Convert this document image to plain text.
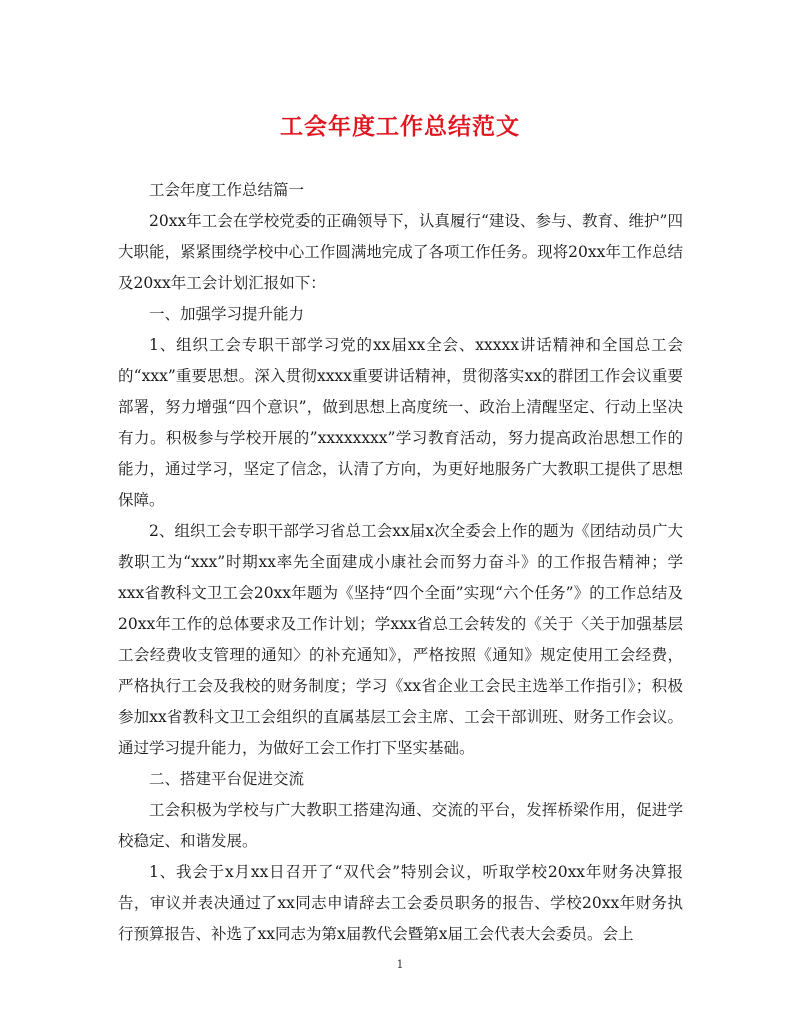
工会年度工作总结范文

工会年度工作总结篇一

20xx年工会在学校党委的正确领导下，认真履行“建设、参与、教育、维护”四大职能，紧紧围绕学校中心工作圆满地完成了各项工作任务。现将20xx年工作总结及20xx年工会计划汇报如下：

一、加强学习提升能力

1、组织工会专职干部学习党的xx届xx全会、xxxxx讲话精神和全国总工会的“xxx”重要思想。深入贯彻xxxx重要讲话精神，贯彻落实xx的群团工作会议重要部署，努力增强“四个意识”，做到思想上高度统一、政治上清醒坚定、行动上坚决有力。积极参与学校开展的”xxxxxxxx”学习教育活动，努力提高政治思想工作的能力，通过学习，坚定了信念，认清了方向，为更好地服务广大教职工提供了思想保障。

2、组织工会专职干部学习省总工会xx届x次全委会上作的题为《团结动员广大教职工为“xxx”时期xx率先全面建成小康社会而努力奋斗》的工作报告精神；学xxx省教科文卫工会20xx年题为《坚持“四个全面”实现“六个任务”》的工作总结及20xx年工作的总体要求及工作计划；学xxx省总工会转发的《关于〈关于加强基层工会经费收支管理的通知〉的补充通知》，严格按照《通知》规定使用工会经费，严格执行工会及我校的财务制度；学习《xx省企业工会民主选举工作指引》；积极参加xx省教科文卫工会组织的直属基层工会主席、工会干部训班、财务工作会议。通过学习提升能力，为做好工会工作打下坚实基础。

二、搭建平台促进交流

工会积极为学校与广大教职工搭建沟通、交流的平台，发挥桥梁作用，促进学校稳定、和谐发展。

1、我会于x月xx日召开了“双代会”特别会议，听取学校20xx年财务决算报告，审议并表决通过了xx同志申请辞去工会委员职务的报告、学校20xx年财务执行预算报告、补选了xx同志为第x届教代会暨第x届工会代表大会委员。会上

1
